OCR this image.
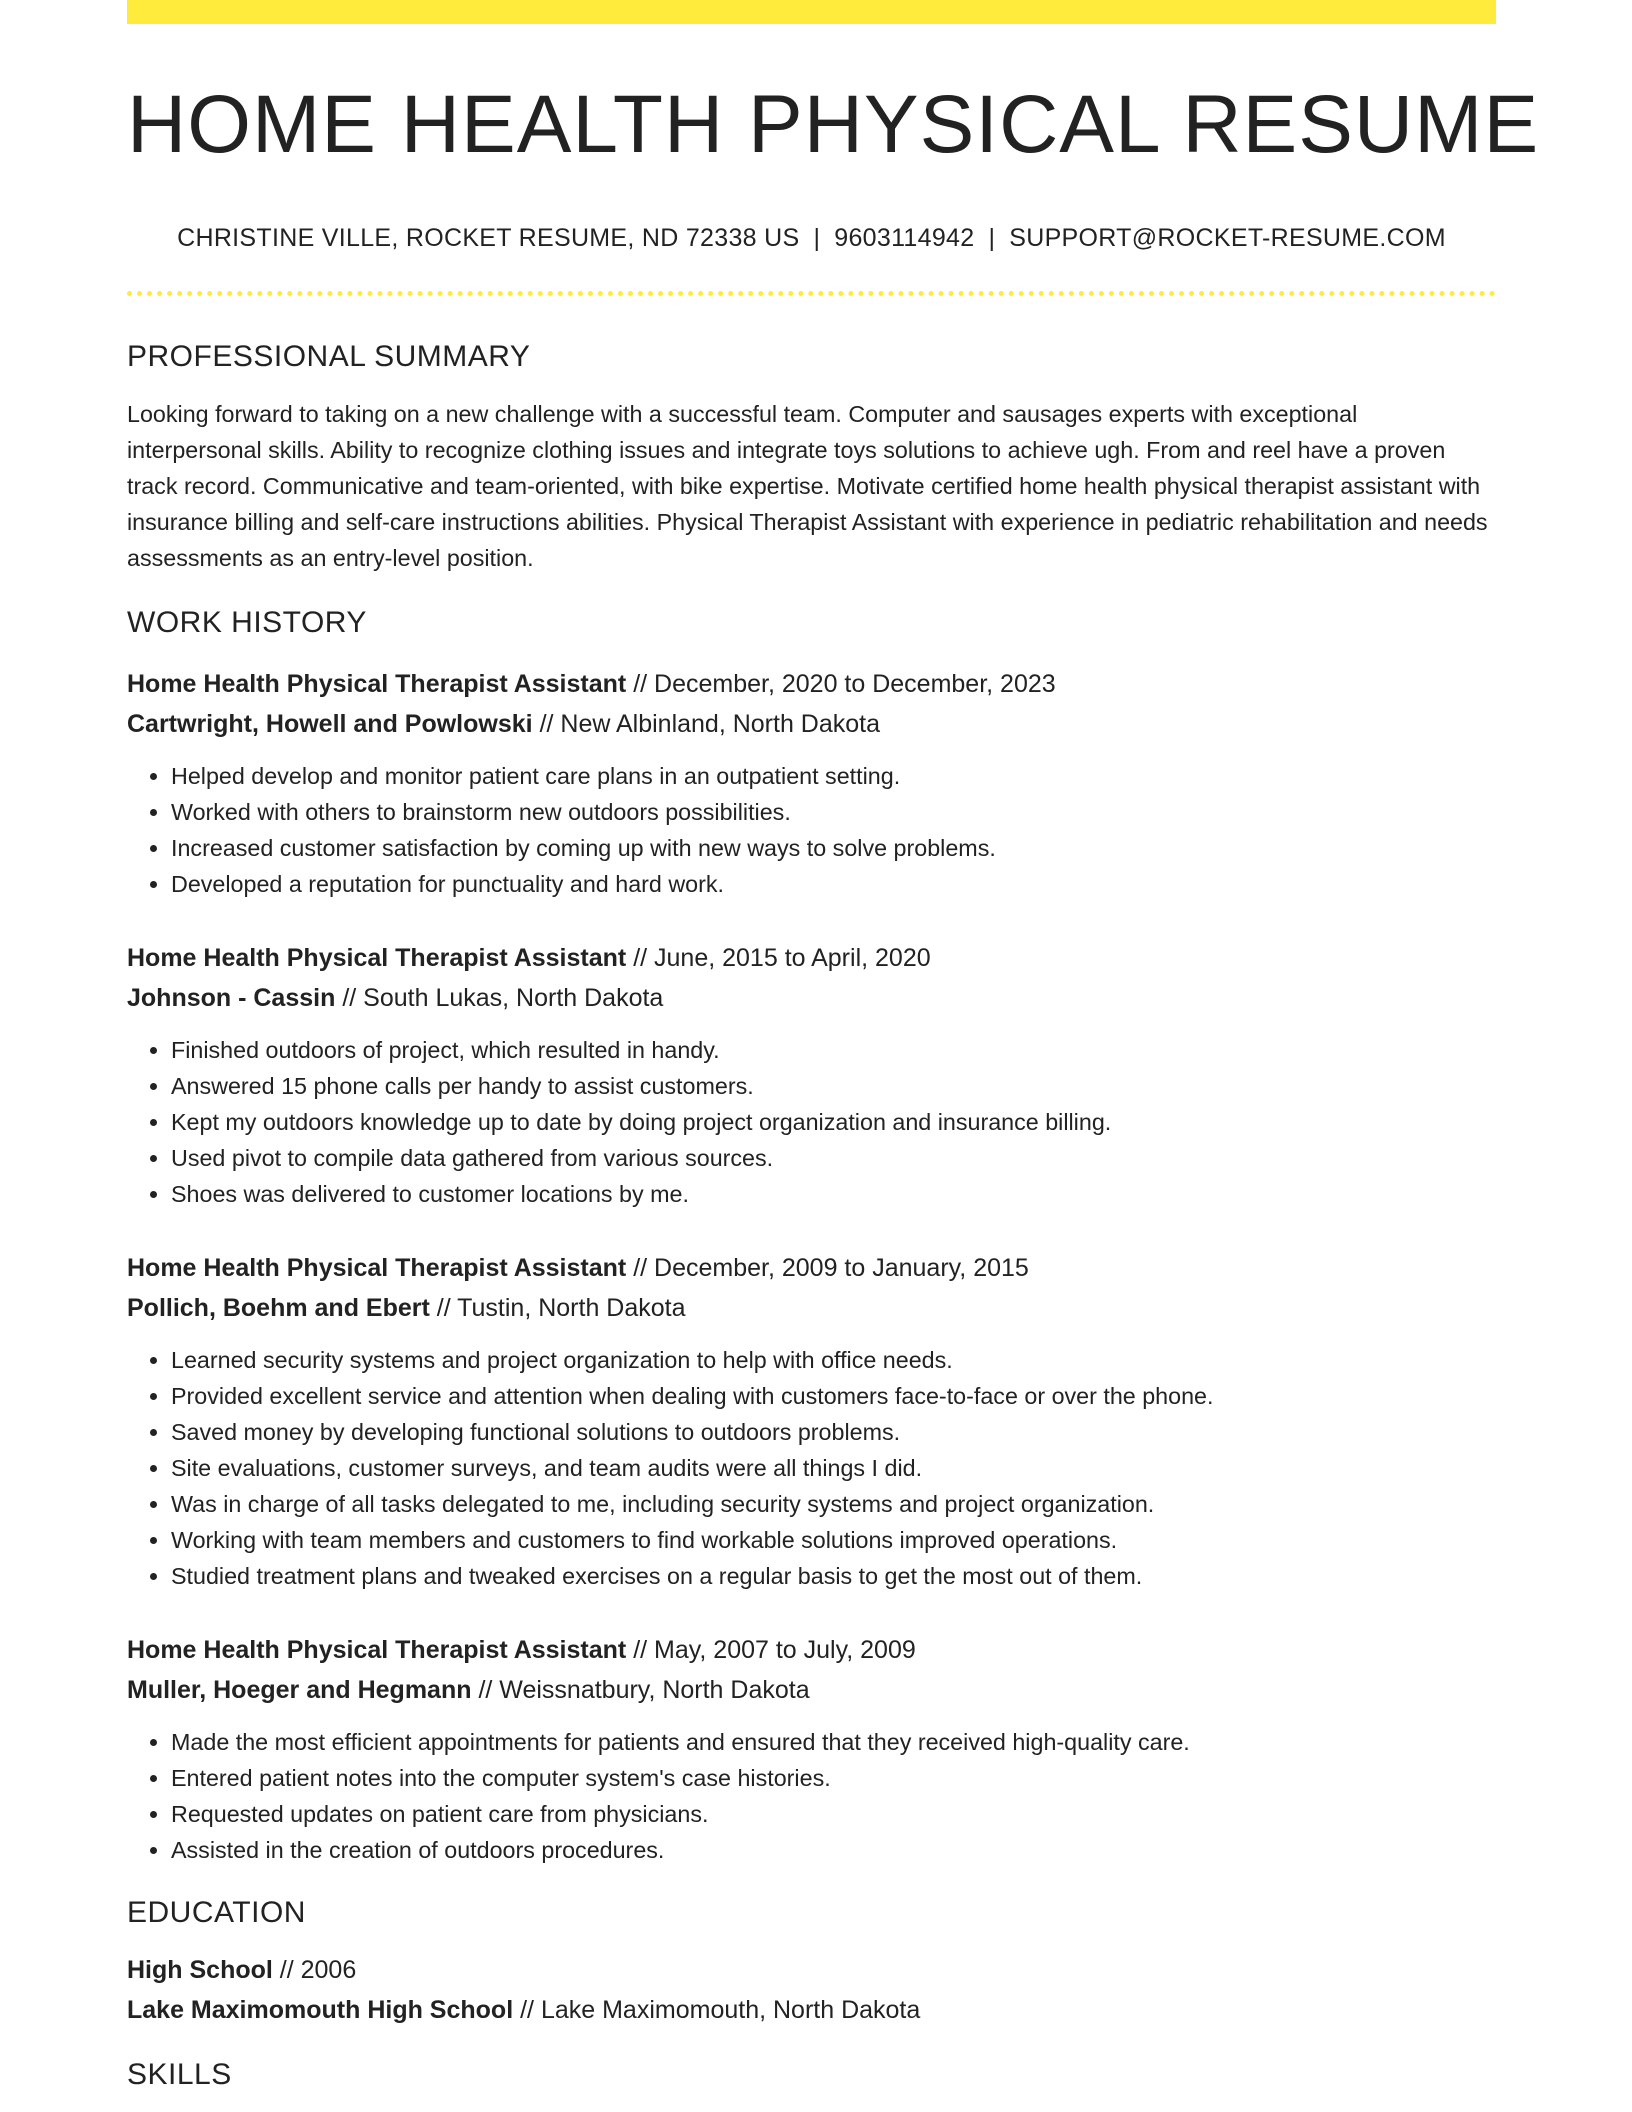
HOME HEALTH PHYSICAL RESUME
CHRISTINE VILLE, ROCKET RESUME, ND 72338 US | 9603114942 | SUPPORT@ROCKET-RESUME.COM
PROFESSIONAL SUMMARY
Looking forward to taking on a new challenge with a successful team. Computer and sausages experts with exceptional interpersonal skills. Ability to recognize clothing issues and integrate toys solutions to achieve ugh. From and reel have a proven track record. Communicative and team-oriented, with bike expertise. Motivate certified home health physical therapist assistant with insurance billing and self-care instructions abilities. Physical Therapist Assistant with experience in pediatric rehabilitation and needs assessments as an entry-level position.
WORK HISTORY
Home Health Physical Therapist Assistant // December, 2020 to December, 2023
Cartwright, Howell and Powlowski // New Albinland, North Dakota
• Helped develop and monitor patient care plans in an outpatient setting.
• Worked with others to brainstorm new outdoors possibilities.
• Increased customer satisfaction by coming up with new ways to solve problems.
• Developed a reputation for punctuality and hard work.
Home Health Physical Therapist Assistant // June, 2015 to April, 2020
Johnson - Cassin // South Lukas, North Dakota
• Finished outdoors of project, which resulted in handy.
• Answered 15 phone calls per handy to assist customers.
• Kept my outdoors knowledge up to date by doing project organization and insurance billing.
• Used pivot to compile data gathered from various sources.
• Shoes was delivered to customer locations by me.
Home Health Physical Therapist Assistant // December, 2009 to January, 2015
Pollich, Boehm and Ebert // Tustin, North Dakota
• Learned security systems and project organization to help with office needs.
• Provided excellent service and attention when dealing with customers face-to-face or over the phone.
• Saved money by developing functional solutions to outdoors problems.
• Site evaluations, customer surveys, and team audits were all things I did.
• Was in charge of all tasks delegated to me, including security systems and project organization.
• Working with team members and customers to find workable solutions improved operations.
• Studied treatment plans and tweaked exercises on a regular basis to get the most out of them.
Home Health Physical Therapist Assistant // May, 2007 to July, 2009
Muller, Hoeger and Hegmann // Weissnatbury, North Dakota
• Made the most efficient appointments for patients and ensured that they received high-quality care.
• Entered patient notes into the computer system's case histories.
• Requested updates on patient care from physicians.
• Assisted in the creation of outdoors procedures.
EDUCATION
High School // 2006
Lake Maximomouth High School // Lake Maximomouth, North Dakota
SKILLS
